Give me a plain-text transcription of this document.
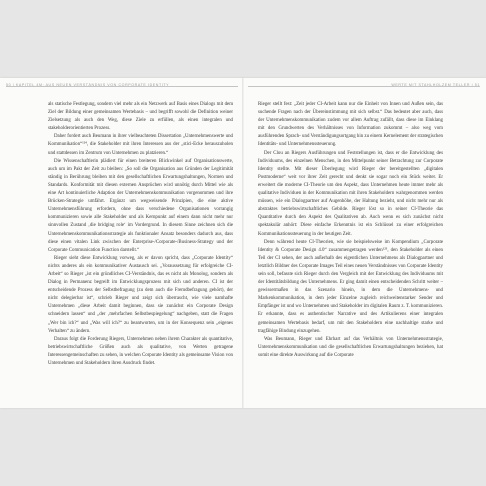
50 | KAPITEL 4M: AUS NEUEN VERSTÄNDNIS VON CORPORATE IDENTITY

als statische Festlegung, sondern viel mehr als ein Netzwerk auf Basis eines Dialogs mit dem Ziel der Bildung einer gemeinsamen Wertebasis – und begrifft sowohl die Definition weiner Zielsetzung als auch den Weg, diese Ziele zu erfüllen, als einen integralen und stakeholderorientierten Prozess.

Daher fordert auch Beumann in ihrer vielbeachteten Dissertation „Unternehmenswerte und Kommunikation“¹²⁴, die Stakeholder mit ihren Interessen aus der „stici-Ecke herauszuholen und stattdessen im Zentrum von Unternehmen zu platzieren.“

Die Wissenschaftlerin plädiert für einen breiteren Blickwinkel auf Organisationswerte, auch um im Pakt der Zeit zu bleiben: „So soll die Organisation aus Gründen der Legitimität ständig in Berührung bleiben mit den gesellschaftlichen Erwartungshaltungen, Normen und Standards. Konformität mit diesen externen Ansprüchen wird unnötig durch Mittel wie als eine Art kontinuierliche Adaption der Unternehmenskommunikation vorgenommen und ihre Brücken-Strategie umfährt. Ergänzt um wegweisende Prinzipien, die eine aktive Unternehmensführung erfordern, ohne dass verschiedene Organisationen vorrangig kommunizieren sowie alle Stakeholder und als Kernpunkt auf einem dann nicht mehr nur sinnvollen Zustand ‚die bridging role‘ im Vordergrund. In diesem Sinne zeichnen sich die Unternehmenskommunikationsstrategie als funktionaler Ansatz besonders dadurch aus, dass diese einen vitalen Link zwischen der Enterprise-/Corporate-/Business-Strategy und der Corporate Communication Function darstellt.“

Rieger sieht diese Entwicklung vorweg, als er davon spricht, dass „Corporate Identity“ nichts anderes als ein kommunikativer Austausch sei. „Voraussetzung für erfolgreiche CI-Arbeit“ so Rieger „ist ein gründliches CI-Verständnis, das es nicht als Monolog, sondern als Dialog in Permanenz begreift im Entwicklungsprozess mit sich und anderen. CI ist der entscheidende Prozess der Selbstbefragung (zu dem auch die Fremdbefragung gehört), der nicht delegierbar ist“, schrieb Rieger und zeigt sich überrascht, wie viele namhafte Unternehmen „diese Arbeit damit beginnen, dass sie zunächst ein Corporate Design schneidern lassen“ und „der ‚mehrfachen Selbstbespiegelung“ nachgeben, statt die Fragen „Wer bin ich?“ und „Was will ich?“ zu beantworten, um in der Konsequenz sein „eigenes Verhalten“ zu ändern.

Daraus folgt die Forderung Riegers, Unternehmen neben ihrem Charakter als quantitative, betriebswirtschaftliche Größen auch als qualitative, von Werten getragene Interessengemeinschaften zu sehen, in welchen Corporate Identity als gemeinsame Vision von Unternehmen und Stakeholdern ihren Ausdruck findet.

WERTE MIT STAHLHOLZEM TELLER | 51

Rieger stellt fest: „Zeit jeder CI-Arbeit kann nur die Einheit von Innen und Außen sein, das suchende Fragen nach der Übereinstimmung mit sich selbst.“ Das bedeutet aber auch, dass der Unternehmenskommunikation zudem vor allem Auftrag zufällt, dass diese im Einklang mit den Grundwerten des Verhältnisses von Information zukommt – also weg vom ausführenden Sprach- und Verständigungsortgang hin zu einem Kernelement der strategischen Identitäts- und Unternehmenssteuerung.

Der Clou an Riegers Ausführungen und Feststellungen ist, dass er die Entwicklung des Individuums, des einzelnen Menschen, in den Mittelpunkt seiner Betrachtung zur Corporate Identity stellte. Mit dieser Überlegung wird Rieger der bereitgestellten „digitalen Postmoderne“ weit vor ihrer Zeit gerecht und denkt sie sogar noch ein Stück weiter. Er erweitert die moderne CI-Theorie um den Aspekt, dass Unternehmen heute immer mehr als qualitative Individuen in der Kommunikation mit ihren Stakeholdern wahrgenommen werden müssen, wie ein Dialogpartner auf Augenhöhe, der Haltung bezieht, und nicht mehr nur als abstraktes betriebswirtschaftliches Gebilde. Rieger löst so in seiner CI-Theorie das Quantitative durch den Aspekt des Qualitativen ab. Auch wenn es sich zunächst nicht spektakulär anhört: Diese einfache Erkenntnis ist ein Schlüssel zu einer erfolgreichen Kommunikationssteuerung in der heutigen Zeit.

Denn während heute CI-Theorien, wie sie beispielsweise im Kompendium „Corporate Identity & Corporate Design 4.0“ zusammengetragen werden¹²⁵, den Stakeholder als einen Teil der CI sehen, der auch außerhalb des eigentlichen Unternehmens als Dialogpartner und letztlich Bildner des Corporate Images Teil eines neuen Verständnisses von Corporate Identity sein soll, befasste sich Rieger durch den Vergleich mit der Entwicklung des Individuums mit der Identitätsbildung des Unternehmens. Er ging damit einen entscheidenden Schritt weiter – gewissermaßen in das Szenario hinein, in dem die Unternehmens- und Markenkommunikation, in dem jeder Einzelne zugleich reichweitenstarker Sender und Empfänger ist und wo Unternehmen und Stakeholder im digitalen Raum z. T. kommunizieren. Er erkannte, dass es authentischer Narrative und des Artikulierens einer integralen gemeinsamen Wertebasis bedarf, um mit den Stakeholdern eine nachhaltige starke und tragfähige Bindung einzugehen.

Was Beumann, Rieger und Ehrhart auf das Verhältnis von Unternehmensstrategie, Unternehmenskommunikation und die gesellschaftlichen Erwartungshaltungen beziehen, hat somit eine direkte Auswirkung auf die Corporate
